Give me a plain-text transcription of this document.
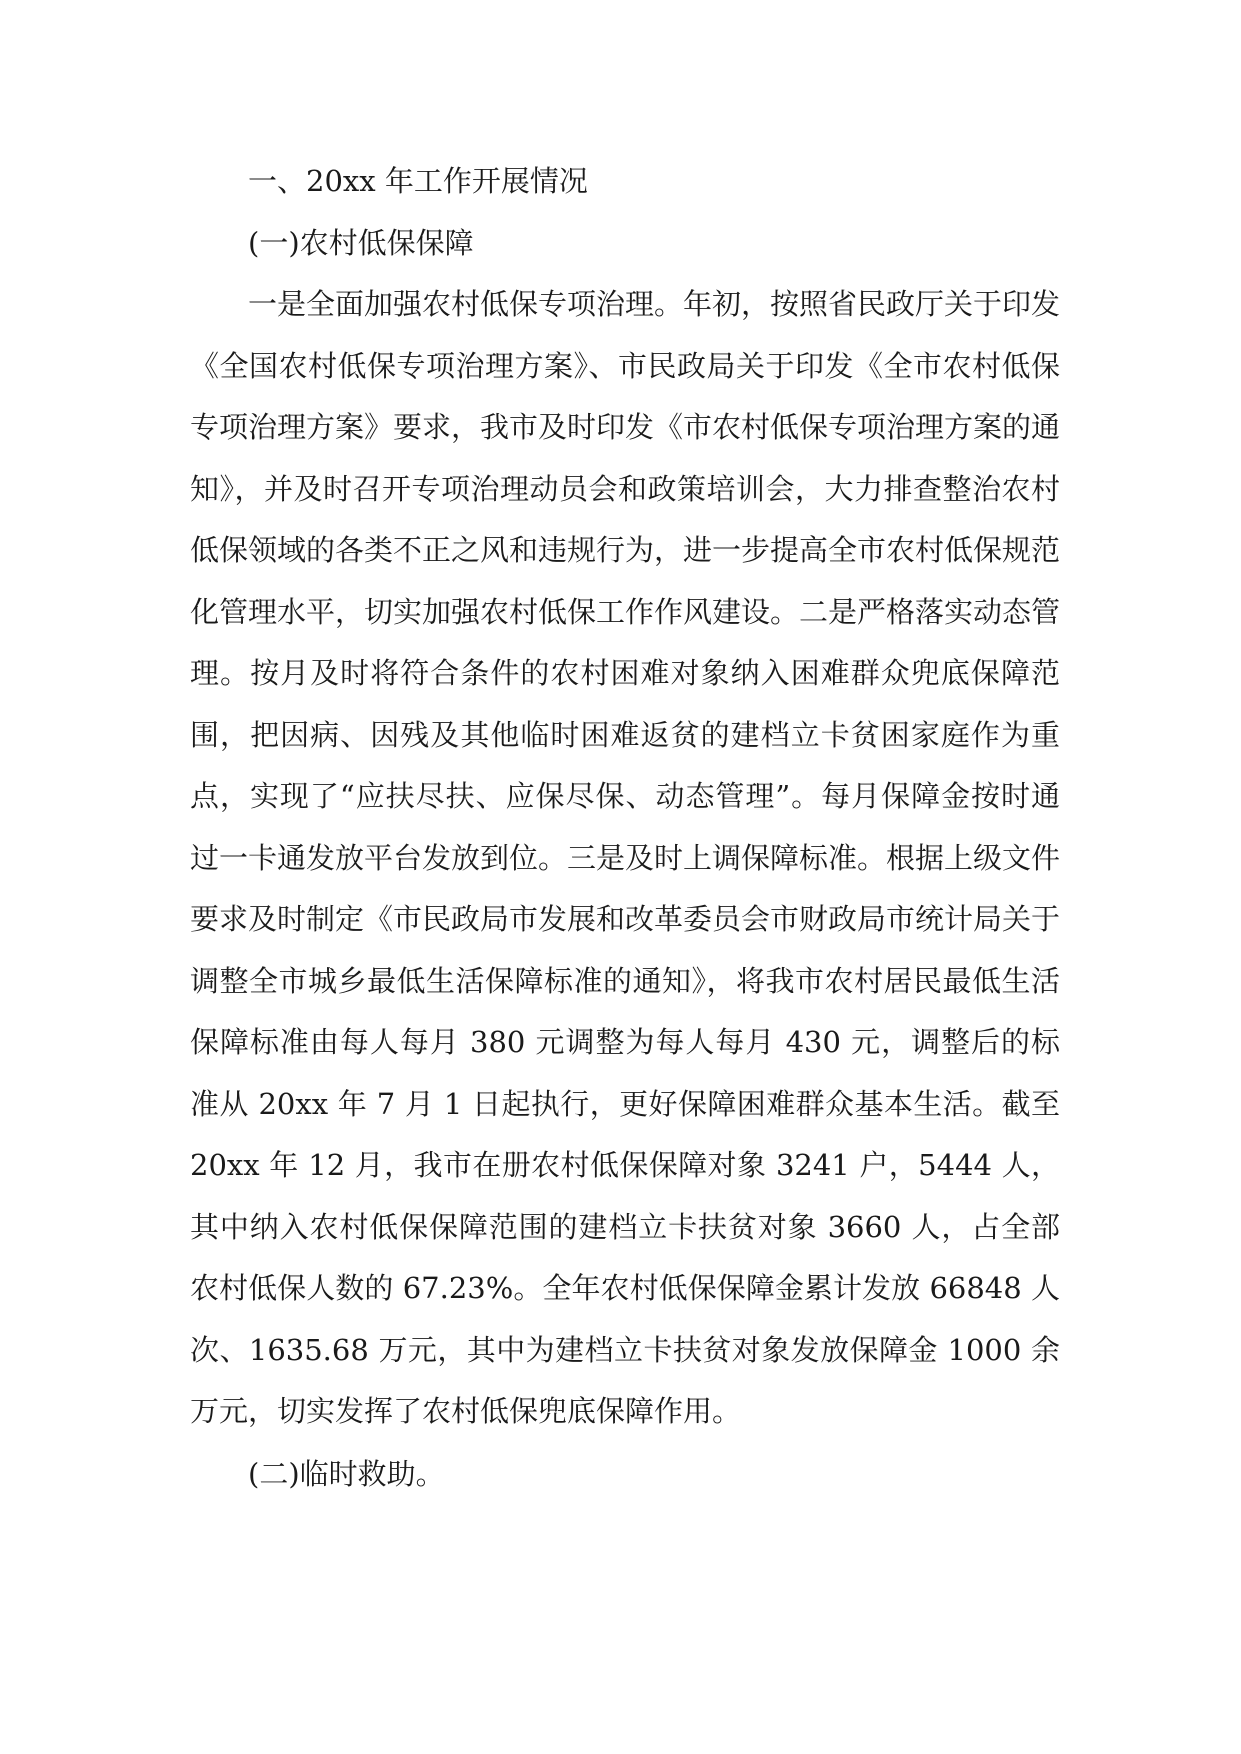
一、20xx 年工作开展情况

(一)农村低保保障

一是全面加强农村低保专项治理。年初，按照省民政厅关于印发《全国农村低保专项治理方案》、市民政局关于印发《全市农村低保专项治理方案》要求，我市及时印发《市农村低保专项治理方案的通知》，并及时召开专项治理动员会和政策培训会，大力排查整治农村低保领域的各类不正之风和违规行为，进一步提高全市农村低保规范化管理水平，切实加强农村低保工作作风建设。二是严格落实动态管理。按月及时将符合条件的农村困难对象纳入困难群众兜底保障范围，把因病、因残及其他临时困难返贫的建档立卡贫困家庭作为重点，实现了“应扶尽扶、应保尽保、动态管理”。每月保障金按时通过一卡通发放平台发放到位。三是及时上调保障标准。根据上级文件要求及时制定《市民政局市发展和改革委员会市财政局市统计局关于调整全市城乡最低生活保障标准的通知》，将我市农村居民最低生活保障标准由每人每月 380 元调整为每人每月 430 元，调整后的标准从 20xx 年 7 月 1 日起执行，更好保障困难群众基本生活。截至 20xx 年 12 月，我市在册农村低保保障对象 3241 户，5444 人，其中纳入农村低保保障范围的建档立卡扶贫对象 3660 人，占全部农村低保人数的 67.23%。全年农村低保保障金累计发放 66848 人次、1635.68 万元，其中为建档立卡扶贫对象发放保障金 1000 余万元，切实发挥了农村低保兜底保障作用。

(二)临时救助。
